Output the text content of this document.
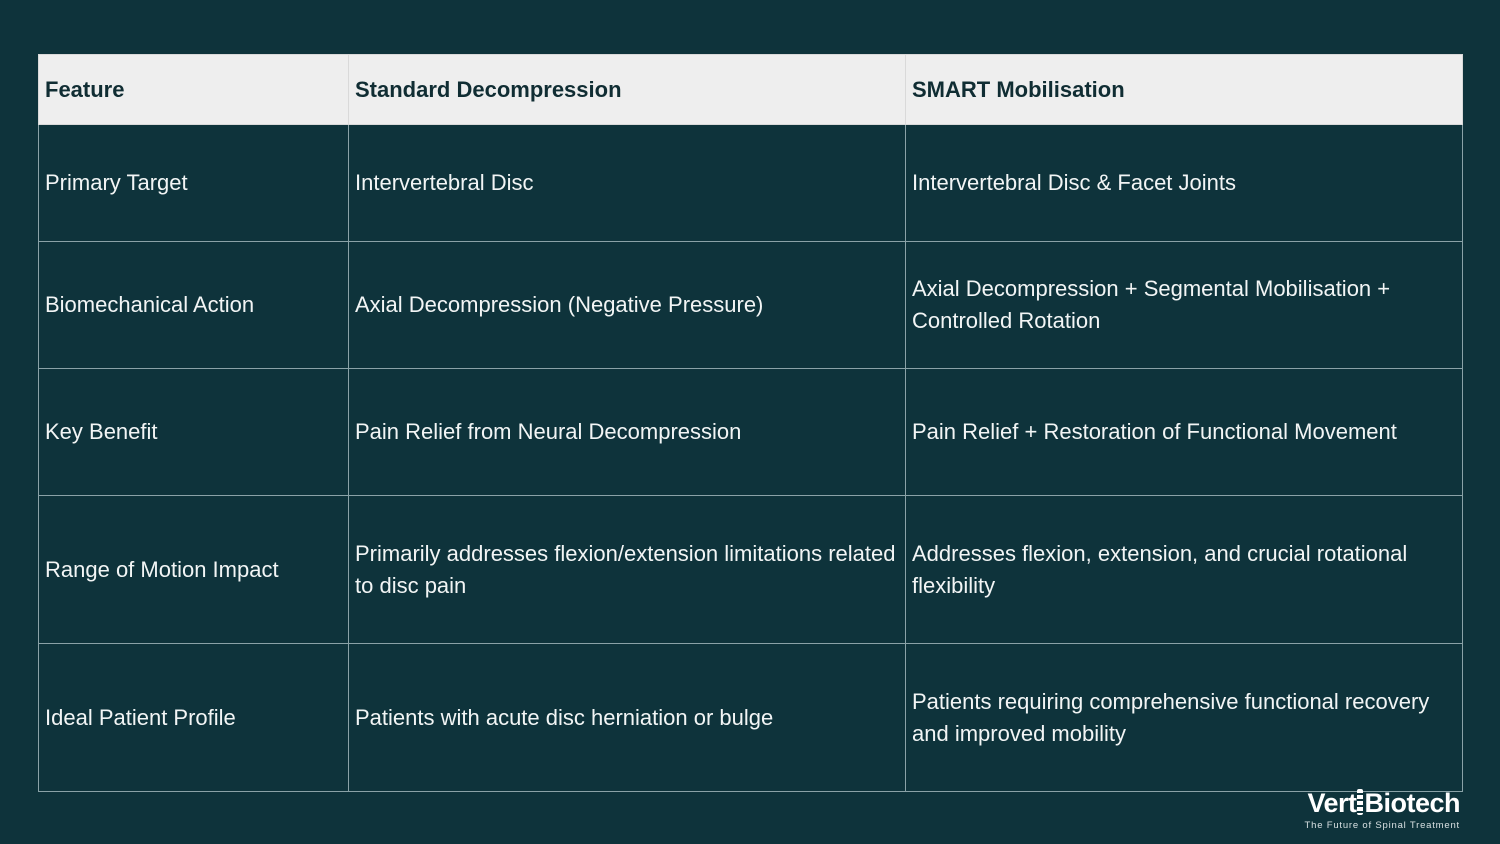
Feature	Standard Decompression	SMART Mobilisation
Primary Target	Intervertebral Disc	Intervertebral Disc & Facet Joints
Biomechanical Action	Axial Decompression (Negative Pressure)	Axial Decompression + Segmental Mobilisation + Controlled Rotation
Key Benefit	Pain Relief from Neural Decompression	Pain Relief + Restoration of Functional Movement
Range of Motion Impact	Primarily addresses flexion/extension limitations related to disc pain	Addresses flexion, extension, and crucial rotational flexibility
Ideal Patient Profile	Patients with acute disc herniation or bulge	Patients requiring comprehensive functional recovery and improved mobility
Vert Biotech
The Future of Spinal Treatment
